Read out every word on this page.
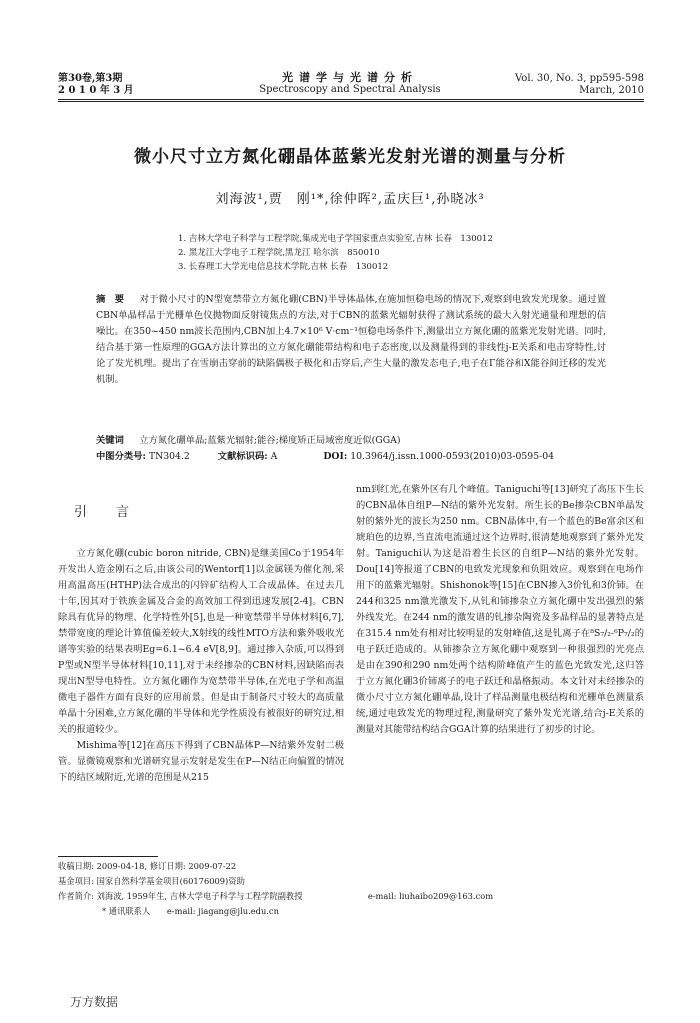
第30卷,第3期
2 0 1 0 年 3 月
光谱学与光谱分析
Spectroscopy and Spectral Analysis
Vol. 30, No. 3, pp595-598
March, 2010
微小尺寸立方氮化硼晶体蓝紫光发射光谱的测量与分析
刘海波¹,贾　刚¹*,徐仲晖²,孟庆巨¹,孙晓冰³
1. 吉林大学电子科学与工程学院,集成光电子学国家重点实验室,吉林 长春　130012
2. 黑龙江大学电子工程学院,黑龙江 哈尔滨　850010
3. 长春理工大学光电信息技术学院,吉林 长春　130012
摘　要 　 对于微小尺寸的N型宽禁带立方氮化硼(CBN)半导体晶体,在施加恒稳电场的情况下,观察到电致发光现象。通过置CBN单晶样品于光栅单色仪抛物面反射镜焦点的方法,对于CBN的蓝紫光辐射获得了测试系统的最大入射光通量和理想的信噪比。在350~450 nm波长范围内,CBN加上4.7×10⁶ V·cm⁻¹恒稳电场条件下,测量出立方氮化硼的蓝紫光发射光谱。同时,结合基于第一性原理的GGA方法计算出的立方氮化硼能带结构和电子态密度,以及测量得到的非线性j-E关系和电击穿特性,讨论了发光机理。提出了在雪崩击穿前的缺陷偶极子极化和击穿后,产生大量的激发态电子,电子在Γ能谷和X能谷间迁移的发光机制。
关键词 　 立方氮化硼单晶;蓝紫光辐射;能谷;梯度矫正局域密度近似(GGA)
中图分类号: TN304.2	文献标识码: A	DOI: 10.3964/j.issn.1000-0593(2010)03-0595-04
引　言

立方氮化硼(cubic boron nitride, CBN)是继美国Co于1954年开发出人造金刚石之后,由该公司的Wentorf[1]以金属镁为催化剂,采用高温高压(HTHP)法合成出的闪锌矿结构人工合成晶体。在过去几十年,因其对于铁族金属及合金的高效加工得到迅速发展[2-4]。CBN除具有优异的物理、化学特性外[5],也是一种宽禁带半导体材料[6,7],禁带宽度的理论计算值偏差较大,X射线的线性MTO方法和紫外吸收光谱等实验的结果表明Eg=6.1~6.4 eV[8,9]。通过掺入杂质,可以得到P型或N型半导体材料[10,11],对于未经掺杂的CBN材料,因缺陷而表现出N型导电特性。立方氮化硼作为宽禁带半导体,在光电子学和高温微电子器件方面有良好的应用前景。但是由于制备尺寸较大的高质量单晶十分困难,立方氮化硼的半导体和光学性质没有被很好的研究过,相关的报道较少。

Mishima等[12]在高压下得到了CBN晶体P—N结紫外发射二极管。显微镜观察和光谱研究显示发射是发生在P—N结正向偏置的情况下的结区域附近,光谱的范围是从215

nm到红光,在紫外区有几个峰值。Taniguchi等[13]研究了高压下生长的CBN晶体自组P—N结的紫外光发射。所生长的Be掺杂CBN单晶发射的紫外光的波长为250 nm。CBN晶体中,有一个蓝色的Be富余区和琥珀色的边界,当直流电流通过这个边界时,很清楚地观察到了紫外光发射。Taniguchi认为这是沿着生长区的自组P—N结的紫外光发射。Dou[14]等报道了CBN的电致发光现象和负阻效应。观察到在电场作用下的蓝紫光辐射。Shishonok等[15]在CBN掺入3价钆和3价铈。在244和325 nm激光激发下,从钆和铈掺杂立方氮化硼中发出强烈的紫外线发光。在244 nm的激发谱的钆掺杂陶瓷及多晶样品的显著特点是在315.4 nm处有相对比较明显的发射峰值,这是钆离子在⁸S₇/₂-⁶P₇/₂的电子跃迁造成的。从铈掺杂立方氮化硼中观察到一种很强烈的光亮点是由在390和290 nm处两个结构阶峰值产生的蓝色光致发光,这归答于立方氮化硼3价铈离子的电子跃迁和晶格振动。本文针对未经掺杂的微小尺寸立方氮化硼单晶,设计了样品测量电极结构和光栅单色测量系统,通过电致发光的物理过程,测量研究了紫外发光光谱,结合j-E关系的测量对其能带结构结合GGA计算的结果进行了初步的讨论。

收稿日期: 2009-04-18, 修订日期: 2009-07-22
基金项目: 国家自然科学基金项目(60176009)资助
作者简介: 刘海波, 1959年生, 吉林大学电子科学与工程学院副教授	e-mail: liuhaibo209@163.com
* 通讯联系人　　e-mail: jiagang@jlu.edu.cn
万方数据
